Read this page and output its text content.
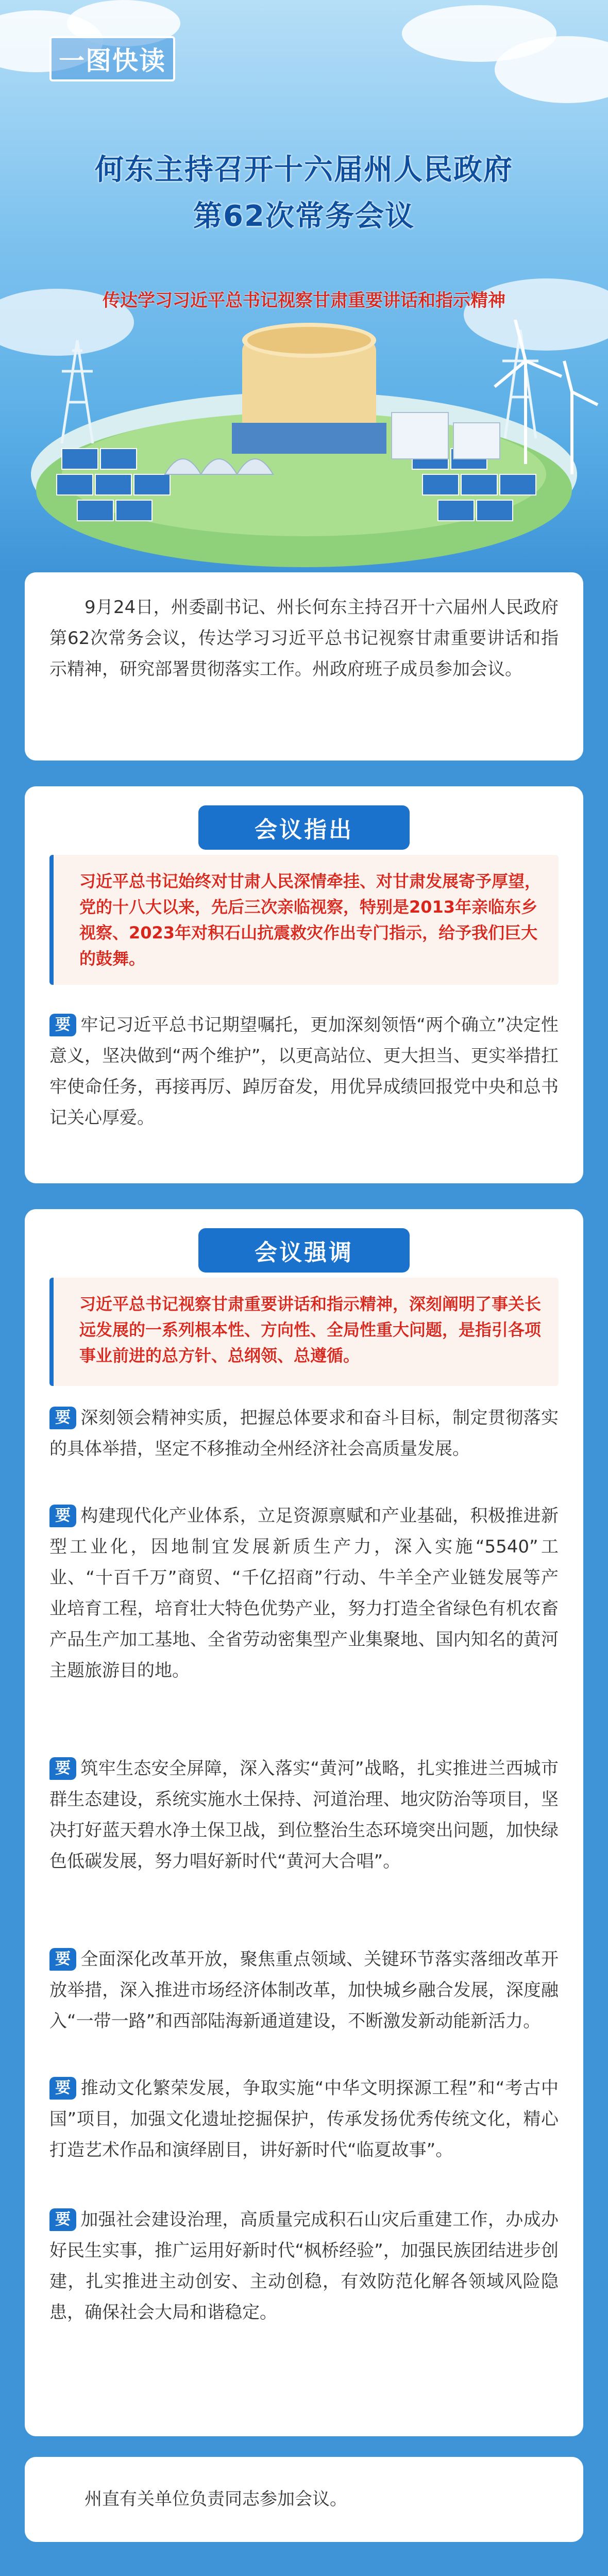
一图快读
何东主持召开十六届州人民政府
第62次常务会议
传达学习习近平总书记视察甘肃重要讲话和指示精神

9月24日，州委副书记、州长何东主持召开十六届州人民政府第62次常务会议，传达学习习近平总书记视察甘肃重要讲话和指示精神，研究部署贯彻落实工作。州政府班子成员参加会议。

会议指出
习近平总书记始终对甘肃人民深情牵挂、对甘肃发展寄予厚望，党的十八大以来，先后三次亲临视察，特别是2013年亲临东乡视察、2023年对积石山抗震救灾作出专门指示，给予我们巨大的鼓舞。

要 牢记习近平总书记期望嘱托，更加深刻领悟“两个确立”决定性意义，坚决做到“两个维护”，以更高站位、更大担当、更实举措扛牢使命任务，再接再厉、踔厉奋发，用优异成绩回报党中央和总书记关心厚爱。

会议强调
习近平总书记视察甘肃重要讲话和指示精神，深刻阐明了事关长远发展的一系列根本性、方向性、全局性重大问题，是指引各项事业前进的总方针、总纲领、总遵循。

要 深刻领会精神实质，把握总体要求和奋斗目标，制定贯彻落实的具体举措，坚定不移推动全州经济社会高质量发展。

要 构建现代化产业体系，立足资源禀赋和产业基础，积极推进新型工业化，因地制宜发展新质生产力，深入实施“5540”工业、“十百千万”商贸、“千亿招商”行动、牛羊全产业链发展等产业培育工程，培育壮大特色优势产业，努力打造全省绿色有机农畜产品生产加工基地、全省劳动密集型产业集聚地、国内知名的黄河主题旅游目的地。

要 筑牢生态安全屏障，深入落实“黄河”战略，扎实推进兰西城市群生态建设，系统实施水土保持、河道治理、地灾防治等项目，坚决打好蓝天碧水净土保卫战，到位整治生态环境突出问题，加快绿色低碳发展，努力唱好新时代“黄河大合唱”。

要 全面深化改革开放，聚焦重点领域、关键环节落实落细改革开放举措，深入推进市场经济体制改革，加快城乡融合发展，深度融入“一带一路”和西部陆海新通道建设，不断激发新动能新活力。

要 推动文化繁荣发展，争取实施“中华文明探源工程”和“考古中国”项目，加强文化遗址挖掘保护，传承发扬优秀传统文化，精心打造艺术作品和演绎剧目，讲好新时代“临夏故事”。

要 加强社会建设治理，高质量完成积石山灾后重建工作，办成办好民生实事，推广运用好新时代“枫桥经验”，加强民族团结进步创建，扎实推进主动创安、主动创稳，有效防范化解各领域风险隐患，确保社会大局和谐稳定。

州直有关单位负责同志参加会议。
